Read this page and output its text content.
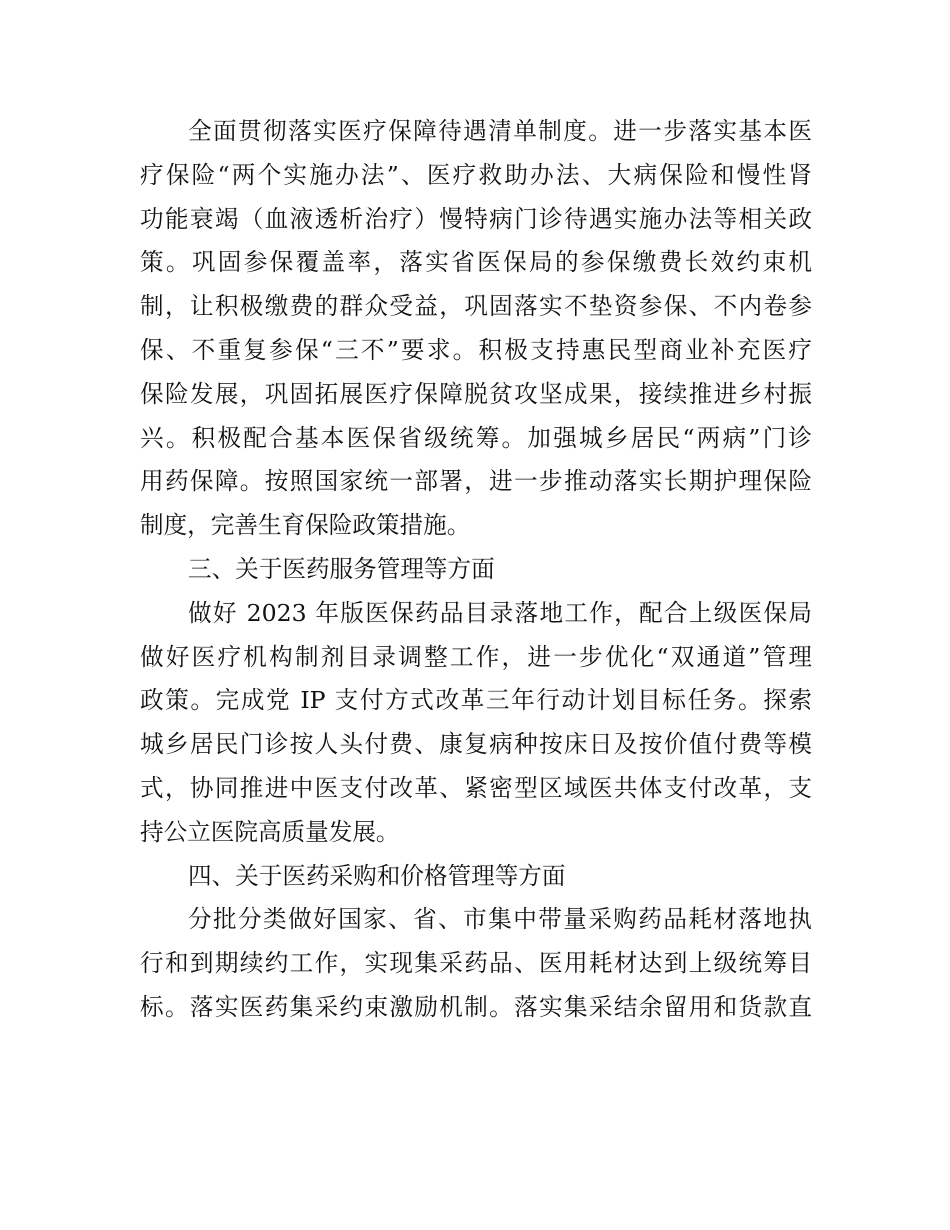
全面贯彻落实医疗保障待遇清单制度。进一步落实基本医
疗保险“两个实施办法”、医疗救助办法、大病保险和慢性肾
功能衰竭（血液透析治疗）慢特病门诊待遇实施办法等相关政
策。巩固参保覆盖率，落实省医保局的参保缴费长效约束机
制，让积极缴费的群众受益，巩固落实不垫资参保、不内卷参
保、不重复参保“三不”要求。积极支持惠民型商业补充医疗
保险发展，巩固拓展医疗保障脱贫攻坚成果，接续推进乡村振
兴。积极配合基本医保省级统筹。加强城乡居民“两病”门诊
用药保障。按照国家统一部署，进一步推动落实长期护理保险
制度，完善生育保险政策措施。
三、关于医药服务管理等方面
做好 2023 年版医保药品目录落地工作，配合上级医保局
做好医疗机构制剂目录调整工作，进一步优化“双通道”管理
政策。完成党 IP 支付方式改革三年行动计划目标任务。探索
城乡居民门诊按人头付费、康复病种按床日及按价值付费等模
式，协同推进中医支付改革、紧密型区域医共体支付改革，支
持公立医院高质量发展。
四、关于医药采购和价格管理等方面
分批分类做好国家、省、市集中带量采购药品耗材落地执
行和到期续约工作，实现集采药品、医用耗材达到上级统筹目
标。落实医药集采约束激励机制。落实集采结余留用和货款直
